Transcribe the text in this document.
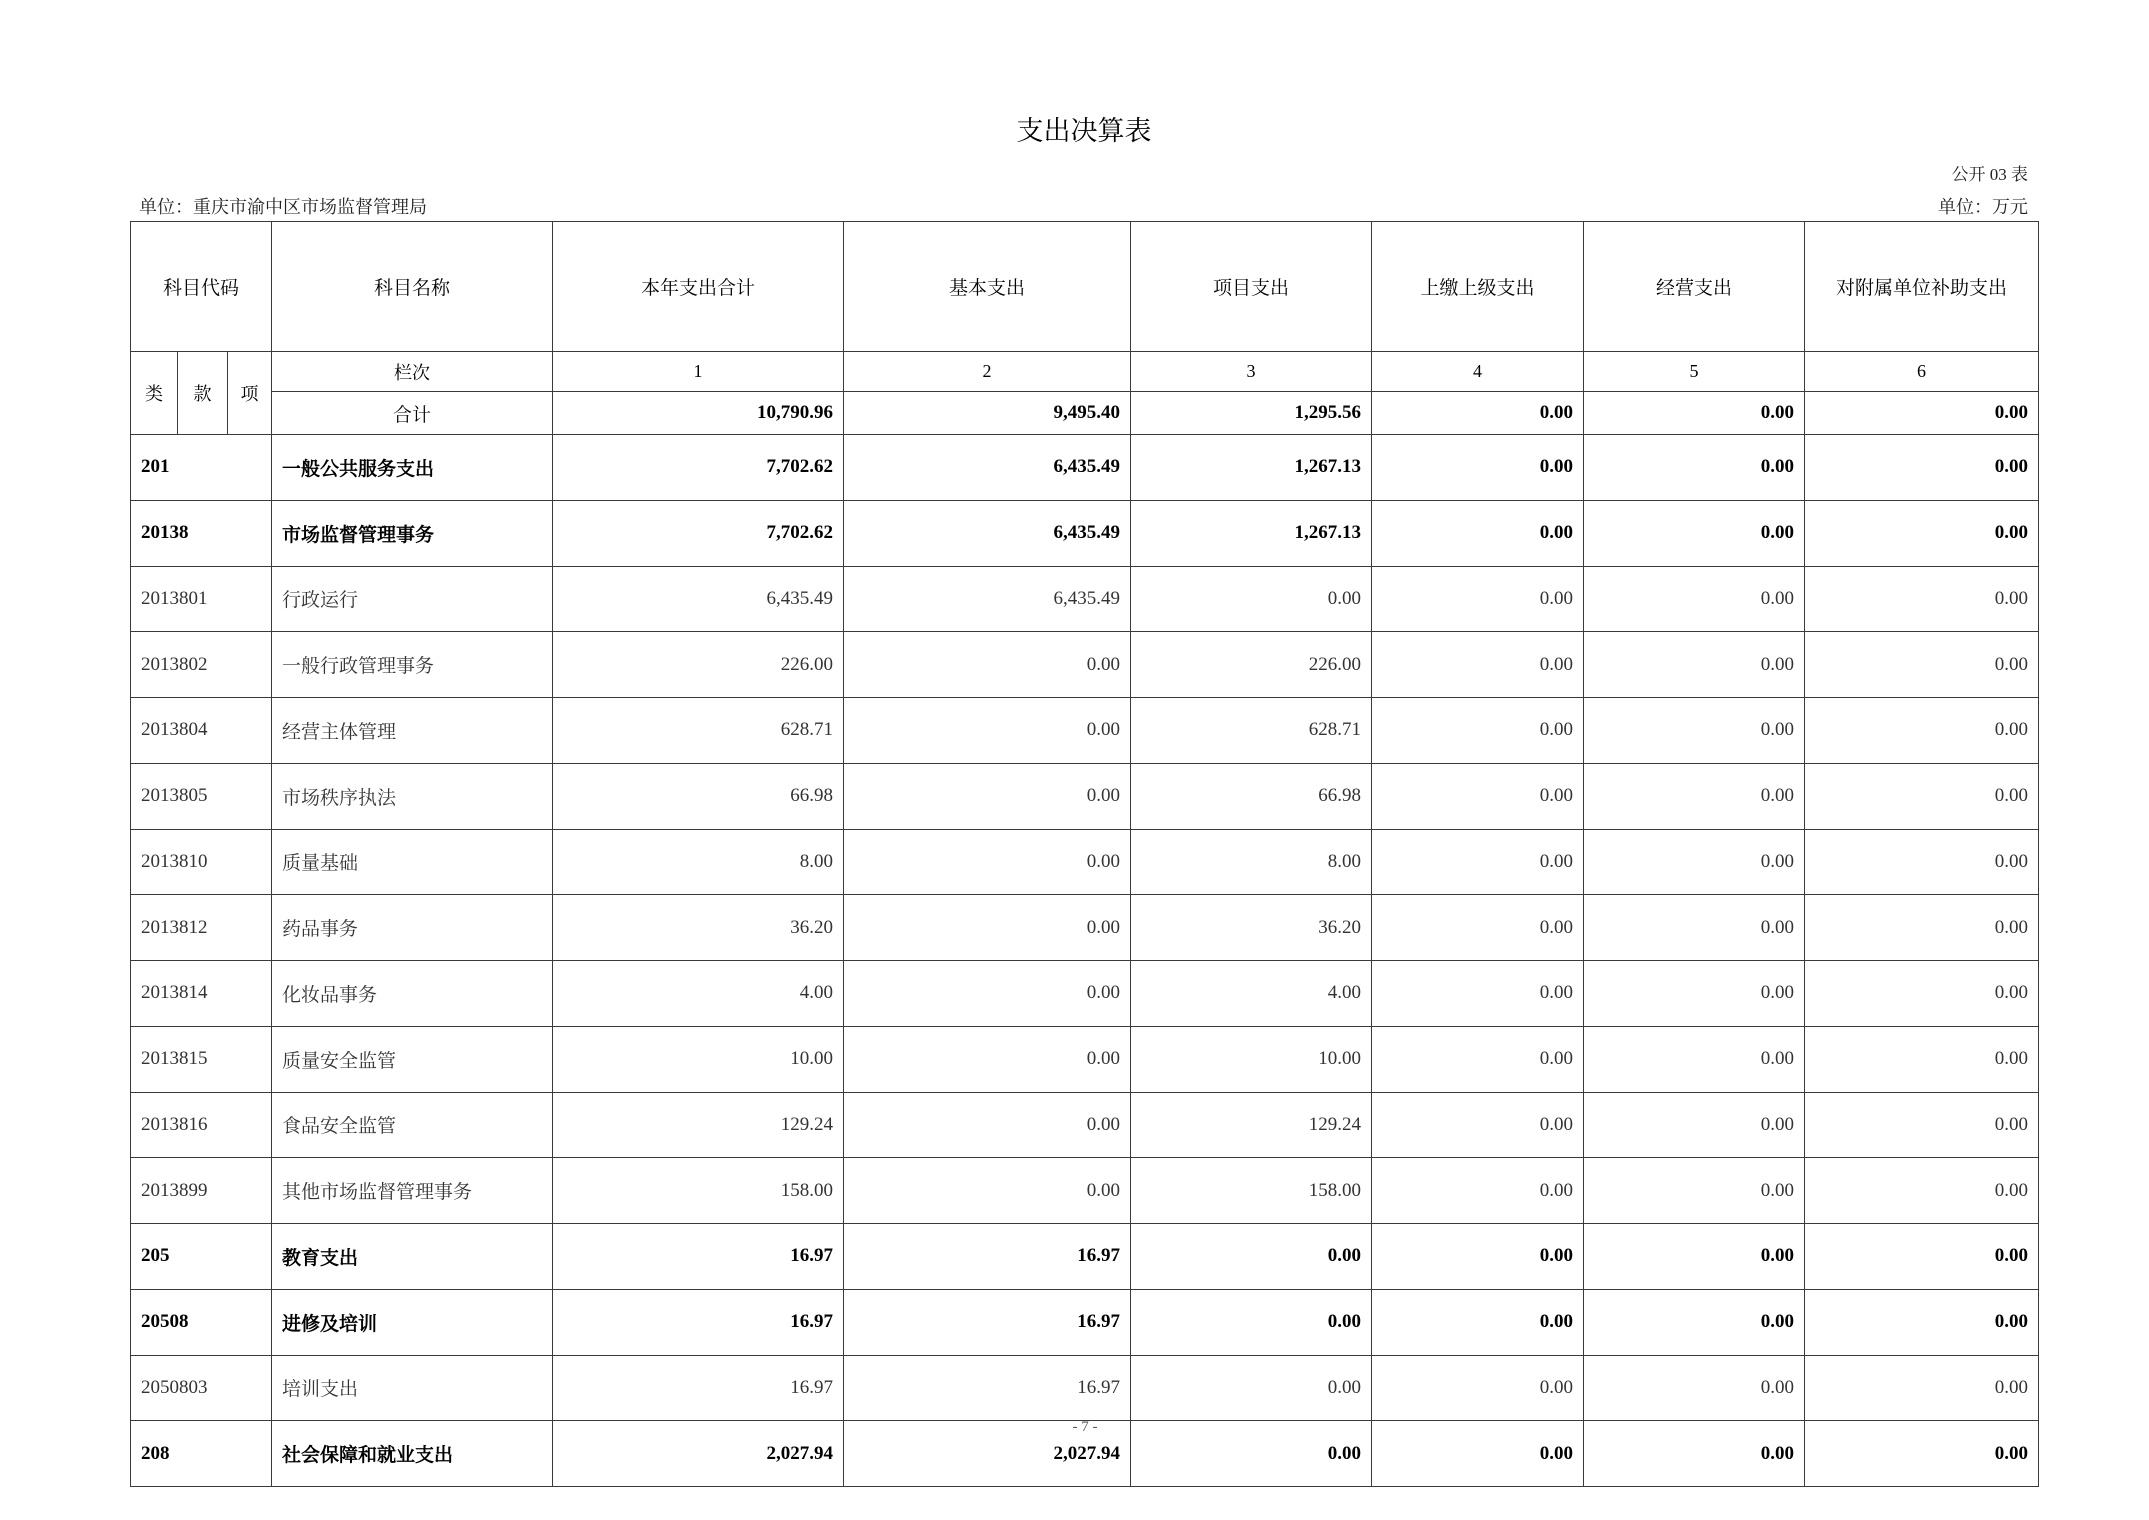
支出决算表
公开 03 表
单位：重庆市渝中区市场监督管理局	单位：万元
科目代码			科目名称	本年支出合计	基本支出	项目支出	上缴上级支出	经营支出	对附属单位补助支出
类	款	项	栏次	1	2	3	4	5	6
			合计	10,790.96	9,495.40	1,295.56	0.00	0.00	0.00
201			一般公共服务支出	7,702.62	6,435.49	1,267.13	0.00	0.00	0.00
20138			市场监督管理事务	7,702.62	6,435.49	1,267.13	0.00	0.00	0.00
2013801			行政运行	6,435.49	6,435.49	0.00	0.00	0.00	0.00
2013802			一般行政管理事务	226.00	0.00	226.00	0.00	0.00	0.00
2013804			经营主体管理	628.71	0.00	628.71	0.00	0.00	0.00
2013805			市场秩序执法	66.98	0.00	66.98	0.00	0.00	0.00
2013810			质量基础	8.00	0.00	8.00	0.00	0.00	0.00
2013812			药品事务	36.20	0.00	36.20	0.00	0.00	0.00
2013814			化妆品事务	4.00	0.00	4.00	0.00	0.00	0.00
2013815			质量安全监管	10.00	0.00	10.00	0.00	0.00	0.00
2013816			食品安全监管	129.24	0.00	129.24	0.00	0.00	0.00
2013899			其他市场监督管理事务	158.00	0.00	158.00	0.00	0.00	0.00
205			教育支出	16.97	16.97	0.00	0.00	0.00	0.00
20508			进修及培训	16.97	16.97	0.00	0.00	0.00	0.00
2050803			培训支出	16.97	16.97	0.00	0.00	0.00	0.00
208			社会保障和就业支出	2,027.94	2,027.94	0.00	0.00	0.00	0.00
- 7 -
